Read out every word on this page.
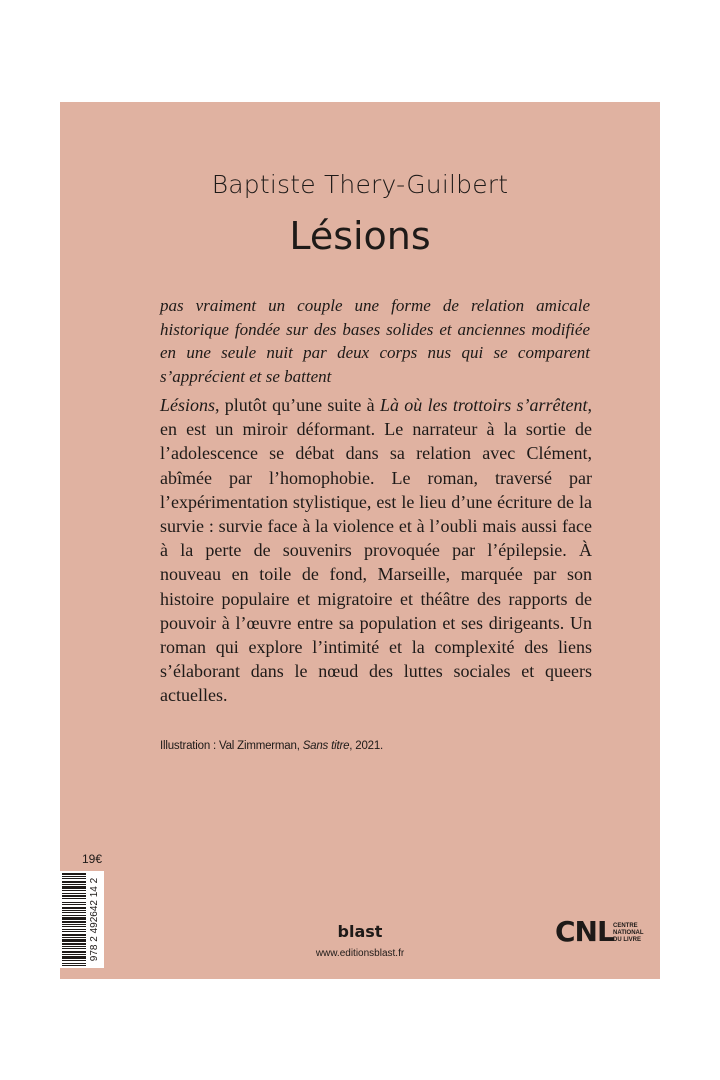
Baptiste Thery-Guilbert
Lésions
pas vraiment un couple une forme de relation amicale historique fondée sur des bases solides et anciennes modifiée en une seule nuit par deux corps nus qui se comparent s’apprécient et se battent

Lésions, plutôt qu’une suite à Là où les trottoirs s’arrêtent, en est un miroir déformant. Le narrateur à la sortie de l’adolescence se débat dans sa relation avec Clément, abîmée par l’homophobie. Le roman, traversé par l’expérimentation stylistique, est le lieu d’une écriture de la survie : survie face à la violence et à l’oubli mais aussi face à la perte de souvenirs provoquée par l’épilepsie. À nouveau en toile de fond, Marseille, marquée par son histoire populaire et migratoire et théâtre des rapports de pouvoir à l’œuvre entre sa population et ses dirigeants. Un roman qui explore l’intimité et la complexité des liens s’élaborant dans le nœud des luttes sociales et queers actuelles.

Illustration : Val Zimmerman, Sans titre, 2021.
19€
978 2 492642 14 2	blast
www.editionsblast.fr
CNL CENTRE
NATIONAL
DU LIVRE
